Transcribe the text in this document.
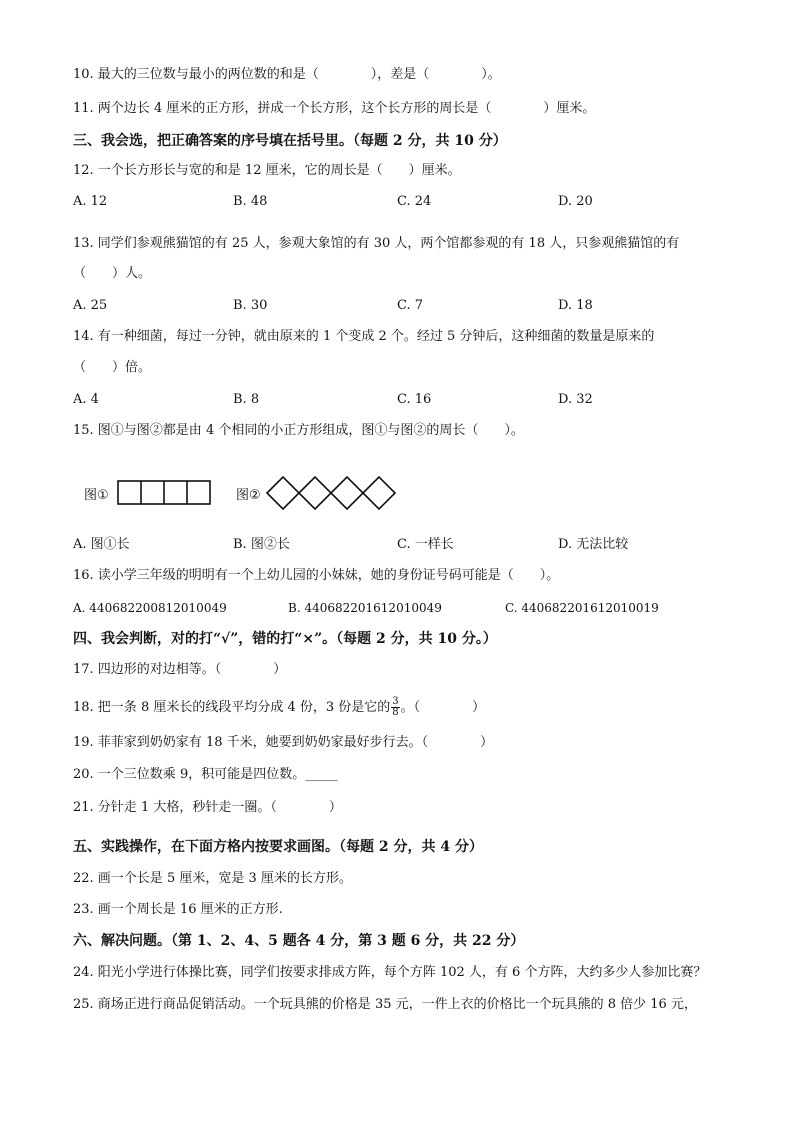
10. 最大的三位数与最小的两位数的和是（　　　　），差是（　　　　）。
11. 两个边长 4 厘米的正方形，拼成一个长方形，这个长方形的周长是（　　　　）厘米。
三、我会选，把正确答案的序号填在括号里。（每题 2 分，共 10 分）
12. 一个长方形长与宽的和是 12 厘米，它的周长是（　　）厘米。
A. 12	B. 48	C. 24	D. 20
13. 同学们参观熊猫馆的有 25 人，参观大象馆的有 30 人，两个馆都参观的有 18 人，只参观熊猫馆的有
（　　）人。
A. 25	B. 30	C. 7	D. 18
14. 有一种细菌，每过一分钟，就由原来的 1 个变成 2 个。经过 5 分钟后，这种细菌的数量是原来的
（　　）倍。
A. 4	B. 8	C. 16	D. 32
15. 图①与图②都是由 4 个相同的小正方形组成，图①与图②的周长（　　）。
图①	图②
A. 图①长	B. 图②长	C. 一样长	D. 无法比较
16. 读小学三年级的明明有一个上幼儿园的小妹妹，她的身份证号码可能是（　　）。
A. 440682200812010049	B. 440682201612010049	C. 440682201612010019
四、我会判断，对的打“√”，错的打“×”。（每题 2 分，共 10 分。）
17. 四边形的对边相等。（　　　　）
18. 把一条 8 厘米长的线段平均分成 4 份，3 份是它的 $\frac{3}{8}$ 。（　　　　）
19. 菲菲家到奶奶家有 18 千米，她要到奶奶家最好步行去。（　　　　）
20. 一个三位数乘 9，积可能是四位数。_____
21. 分针走 1 大格，秒针走一圈。（　　　　）
五、实践操作，在下面方格内按要求画图。（每题 2 分，共 4 分）
22. 画一个长是 5 厘米，宽是 3 厘米的长方形。
23. 画一个周长是 16 厘米的正方形.
六、解决问题。（第 1、2、4、5 题各 4 分，第 3 题 6 分，共 22 分）
24. 阳光小学进行体操比赛，同学们按要求排成方阵，每个方阵 102 人，有 6 个方阵，大约多少人参加比赛？
25. 商场正进行商品促销活动。一个玩具熊的价格是 35 元，一件上衣的价格比一个玩具熊的 8 倍少 16 元，
